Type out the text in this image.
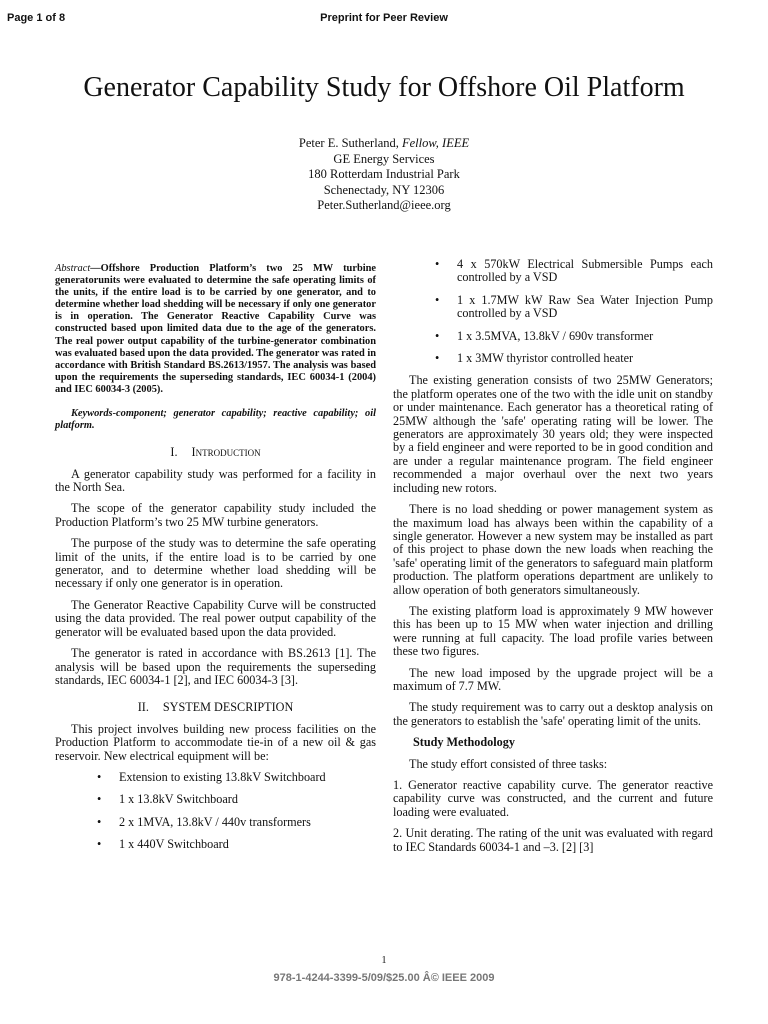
Page 1 of 8	Preprint for Peer Review
Generator Capability Study for Offshore Oil Platform
Peter E. Sutherland, Fellow, IEEE
GE Energy Services
180 Rotterdam Industrial Park
Schenectady, NY 12306
Peter.Sutherland@ieee.org

Abstract—Offshore Production Platform’s two 25 MW turbine generatorunits were evaluated to determine the safe operating limits of the units, if the entire load is to be carried by one generator, and to determine whether load shedding will be necessary if only one generator is in operation. The Generator Reactive Capability Curve was constructed based upon limited data due to the age of the generators. The real power output capability of the turbine-generator combination was evaluated based upon the data provided. The generator was rated in accordance with British Standard BS.2613/1957. The analysis was based upon the requirements the superseding standards, IEC 60034-1 (2004) and IEC 60034-3 (2005).

Keywords-component; generator capability; reactive capability; oil platform.

I. Introduction

A generator capability study was performed for a facility in the North Sea.

The scope of the generator capability study included the Production Platform’s two 25 MW turbine generators.

The purpose of the study was to determine the safe operating limit of the units, if the entire load is to be carried by one generator, and to determine whether load shedding will be necessary if only one generator is in operation.

The Generator Reactive Capability Curve will be constructed using the data provided. The real power output capability of the generator will be evaluated based upon the data provided.

The generator is rated in accordance with BS.2613 [1]. The analysis will be based upon the requirements the superseding standards, IEC 60034-1 [2], and IEC 60034-3 [3].

II. SYSTEM DESCRIPTION

This project involves building new process facilities on the Production Platform to accommodate tie-in of a new oil & gas reservoir. New electrical equipment will be:

• Extension to existing 13.8kV Switchboard
• 1 x 13.8kV Switchboard
• 2 x 1MVA, 13.8kV / 440v transformers
• 1 x 440V Switchboard
• 4 x 570kW Electrical Submersible Pumps each controlled by a VSD
• 1 x 1.7MW kW Raw Sea Water Injection Pump controlled by a VSD
• 1 x 3.5MVA, 13.8kV / 690v transformer
• 1 x 3MW thyristor controlled heater

The existing generation consists of two 25MW Generators; the platform operates one of the two with the idle unit on standby or under maintenance. Each generator has a theoretical rating of 25MW although the 'safe' operating rating will be lower. The generators are approximately 30 years old; they were inspected by a field engineer and were reported to be in good condition and are under a regular maintenance program. The field engineer recommended a major overhaul over the next two years including new rotors.

There is no load shedding or power management system as the maximum load has always been within the capability of a single generator. However a new system may be installed as part of this project to phase down the new loads when reaching the 'safe' operating limit of the generators to safeguard main platform production. The platform operations department are unlikely to allow operation of both generators simultaneously.

The existing platform load is approximately 9 MW however this has been up to 15 MW when water injection and drilling were running at full capacity. The load profile varies between these two figures.

The new load imposed by the upgrade project will be a maximum of 7.7 MW.

The study requirement was to carry out a desktop analysis on the generators to establish the 'safe' operating limit of the units.

Study Methodology

The study effort consisted of three tasks:

1. Generator reactive capability curve. The generator reactive capability curve was constructed, and the current and future loading were evaluated.

2. Unit derating. The rating of the unit was evaluated with regard to IEC Standards 60034-1 and –3. [2] [3]

1
978-1-4244-3399-5/09/$25.00 Â© IEEE 2009
